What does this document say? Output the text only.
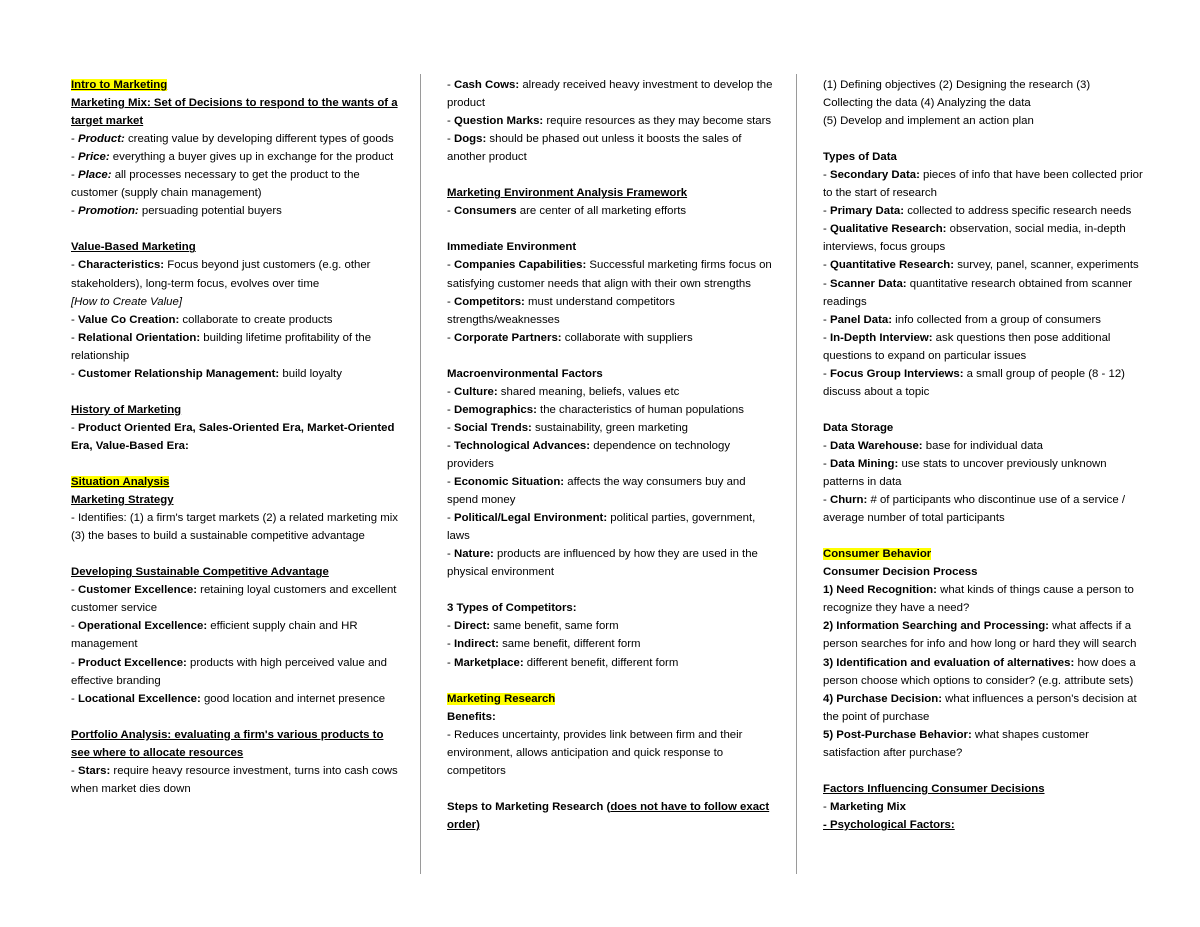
Intro to Marketing
Marketing Mix: Set of Decisions to respond to the wants of a target market
- Product: creating value by developing different types of goods
- Price: everything a buyer gives up in exchange for the product
- Place: all processes necessary to get the product to the customer (supply chain management)
- Promotion: persuading potential buyers
Value-Based Marketing
- Characteristics: Focus beyond just customers (e.g. other stakeholders), long-term focus, evolves over time
[How to Create Value]
- Value Co Creation: collaborate to create products
- Relational Orientation: building lifetime profitability of the relationship
- Customer Relationship Management: build loyalty
History of Marketing
- Product Oriented Era, Sales-Oriented Era, Market-Oriented Era, Value-Based Era:
Situation Analysis
Marketing Strategy
- Identifies: (1) a firm's target markets (2) a related marketing mix (3) the bases to build a sustainable competitive advantage
Developing Sustainable Competitive Advantage
- Customer Excellence: retaining loyal customers and excellent customer service
- Operational Excellence: efficient supply chain and HR management
- Product Excellence: products with high perceived value and effective branding
- Locational Excellence: good location and internet presence
Portfolio Analysis: evaluating a firm's various products to see where to allocate resources
- Stars: require heavy resource investment, turns into cash cows when market dies down
- Cash Cows: already received heavy investment to develop the product
- Question Marks: require resources as they may become stars
- Dogs: should be phased out unless it boosts the sales of another product
Marketing Environment Analysis Framework
- Consumers are center of all marketing efforts
Immediate Environment
- Companies Capabilities: Successful marketing firms focus on satisfying customer needs that align with their own strengths
- Competitors: must understand competitors strengths/weaknesses
- Corporate Partners: collaborate with suppliers
Macroenvironmental Factors
- Culture: shared meaning, beliefs, values etc
- Demographics: the characteristics of human populations
- Social Trends: sustainability, green marketing
- Technological Advances: dependence on technology providers
- Economic Situation: affects the way consumers buy and spend money
- Political/Legal Environment: political parties, government, laws
- Nature: products are influenced by how they are used in the physical environment
3 Types of Competitors:
- Direct: same benefit, same form
- Indirect: same benefit, different form
- Marketplace: different benefit, different form
Marketing Research
Benefits:
- Reduces uncertainty, provides link between firm and their environment, allows anticipation and quick response to competitors
Steps to Marketing Research (does not have to follow exact order)
(1) Defining objectives (2) Designing the research (3) Collecting the data (4) Analyzing the data
(5) Develop and implement an action plan
Types of Data
- Secondary Data: pieces of info that have been collected prior to the start of research
- Primary Data: collected to address specific research needs
- Qualitative Research: observation, social media, in-depth interviews, focus groups
- Quantitative Research: survey, panel, scanner, experiments
- Scanner Data: quantitative research obtained from scanner readings
- Panel Data: info collected from a group of consumers
- In-Depth Interview: ask questions then pose additional questions to expand on particular issues
- Focus Group Interviews: a small group of people (8 - 12) discuss about a topic
Data Storage
- Data Warehouse: base for individual data
- Data Mining: use stats to uncover previously unknown patterns in data
- Churn: # of participants who discontinue use of a service / average number of total participants
Consumer Behavior
Consumer Decision Process
1) Need Recognition: what kinds of things cause a person to recognize they have a need?
2) Information Searching and Processing: what affects if a person searches for info and how long or hard they will search
3) Identification and evaluation of alternatives: how does a person choose which options to consider? (e.g. attribute sets)
4) Purchase Decision: what influences a person's decision at the point of purchase
5) Post-Purchase Behavior: what shapes customer satisfaction after purchase?
Factors Influencing Consumer Decisions
- Marketing Mix
- Psychological Factors:
